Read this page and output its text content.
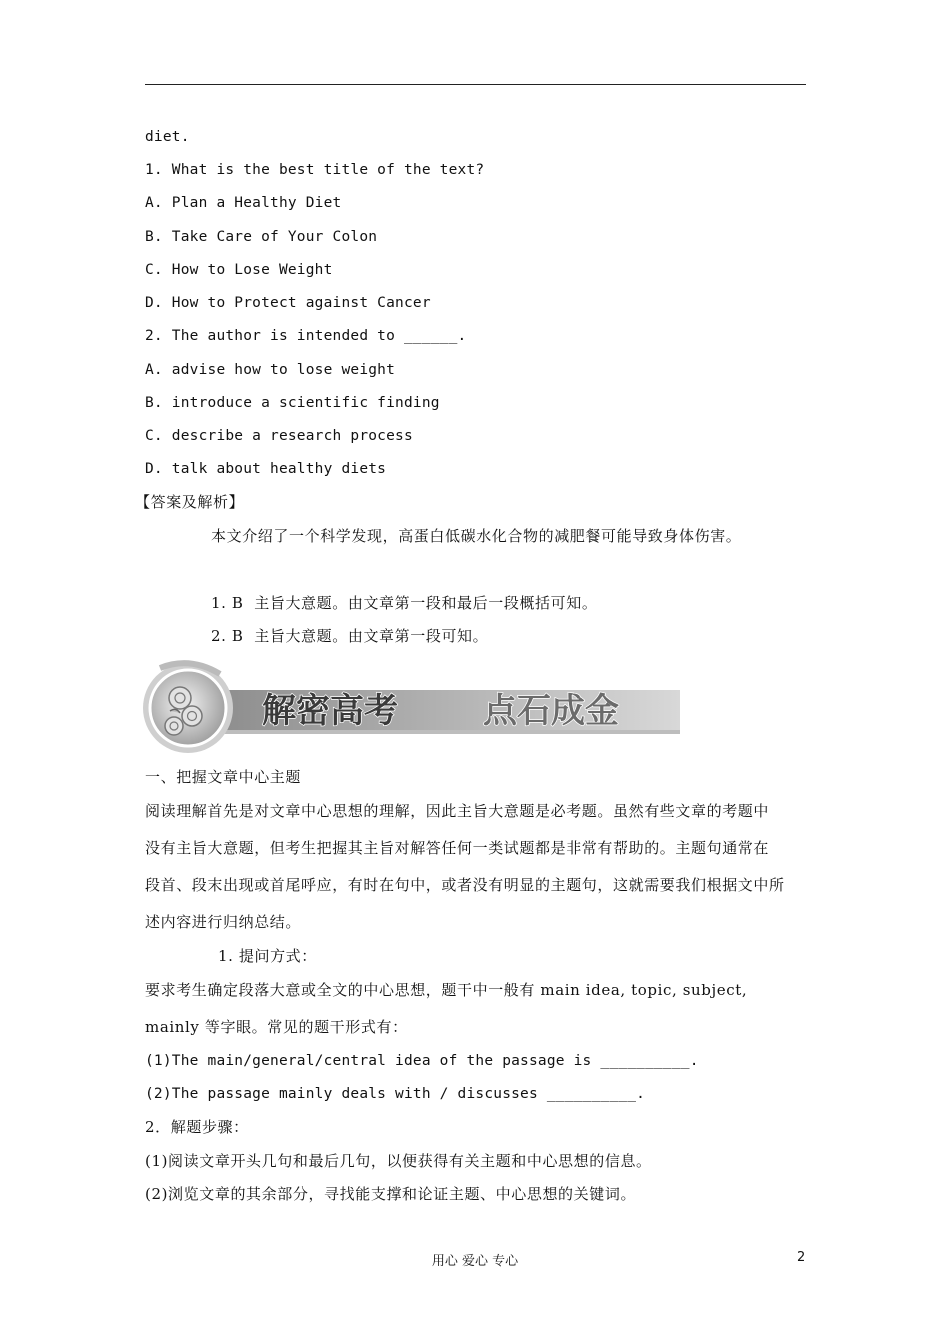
diet.
1. What is the best title of the text?
A. Plan a Healthy Diet
B. Take Care of Your Colon
C. How to Lose Weight
D. How to Protect against Cancer
2. The author is intended to ______.
A. advise how to lose weight
B. introduce a scientific finding
C. describe a research process
D. talk about healthy diets
【答案及解析】
本文介绍了一个科学发现，高蛋白低碳水化合物的减肥餐可能导致身体伤害。
1. B  主旨大意题。由文章第一段和最后一段概括可知。
2. B  主旨大意题。由文章第一段可知。
解密高考	点石成金
一、把握文章中心主题
阅读理解首先是对文章中心思想的理解，因此主旨大意题是必考题。虽然有些文章的考题中
没有主旨大意题，但考生把握其主旨对解答任何一类试题都是非常有帮助的。主题句通常在
段首、段末出现或首尾呼应，有时在句中，或者没有明显的主题句，这就需要我们根据文中所
述内容进行归纳总结。
1. 提问方式：
要求考生确定段落大意或全文的中心思想，题干中一般有 main idea, topic, subject,
mainly 等字眼。常见的题干形式有：
(1)The main/general/central idea of the passage is __________.
(2)The passage mainly deals with / discusses __________.
2．解题步骤：
(1)阅读文章开头几句和最后几句，以便获得有关主题和中心思想的信息。
(2)浏览文章的其余部分，寻找能支撑和论证主题、中心思想的关键词。
用心 爱心 专心	2
